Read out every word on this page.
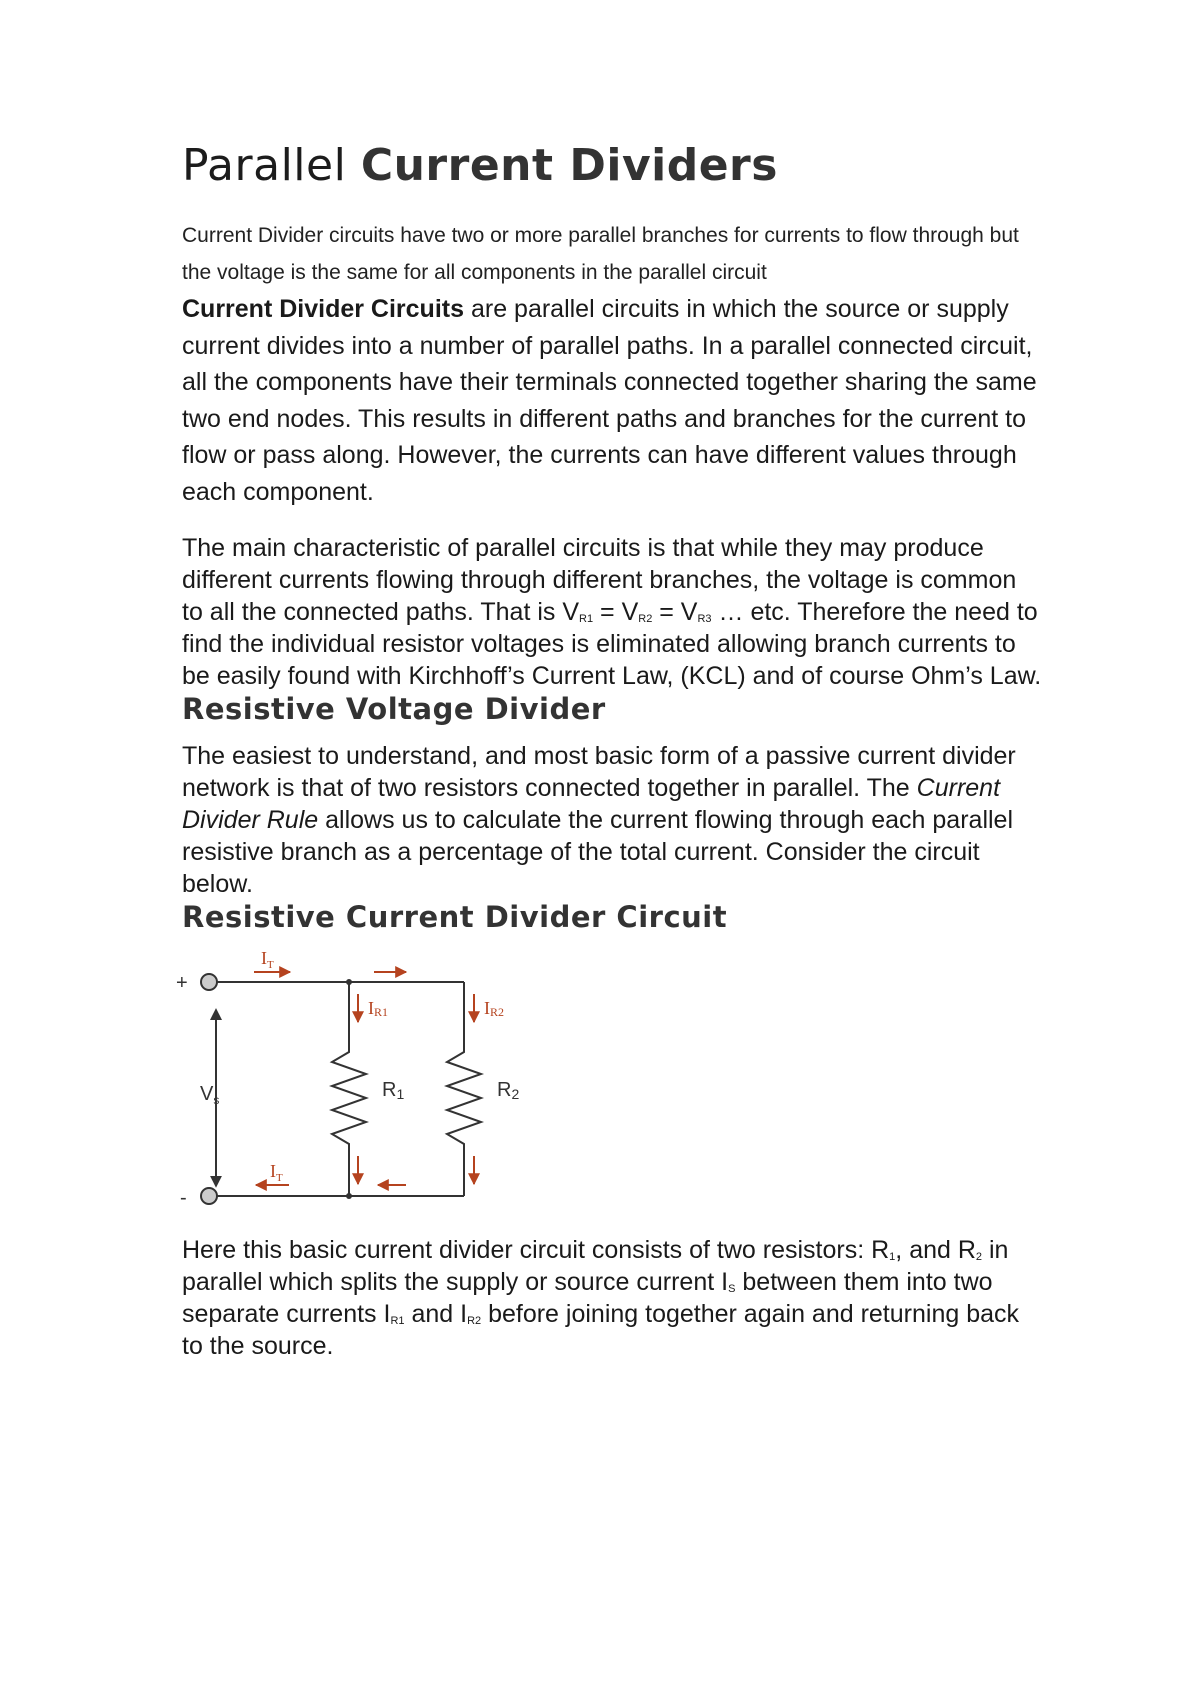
Parallel Current Dividers

Current Divider circuits have two or more parallel branches for currents to flow through but the voltage is the same for all components in the parallel circuit

Current Divider Circuits are parallel circuits in which the source or supply current divides into a number of parallel paths. In a parallel connected circuit, all the components have their terminals connected together sharing the same two end nodes. This results in different paths and branches for the current to flow or pass along. However, the currents can have different values through each component.

The main characteristic of parallel circuits is that while they may produce different currents flowing through different branches, the voltage is common to all the connected paths. That is $V_{R1} = V_{R2} = V_{R3}$ … etc. Therefore the need to find the individual resistor voltages is eliminated allowing branch currents to be easily found with Kirchhoff’s Current Law, (KCL) and of course Ohm’s Law.

Resistive Voltage Divider

The easiest to understand, and most basic form of a passive current divider network is that of two resistors connected together in parallel. The Current Divider Rule allows us to calculate the current flowing through each parallel resistive branch as a percentage of the total current. Consider the circuit below.

Resistive Current Divider Circuit
+
-
$V_s$
$I_T$
$I_T$
IR1	IR2
R1	R2

Here this basic current divider circuit consists of two resistors: $R_1$, and $R_2$ in parallel which splits the supply or source current $I_S$ between them into two separate currents $I_{R1}$ and $I_{R2}$ before joining together again and returning back to the source.
